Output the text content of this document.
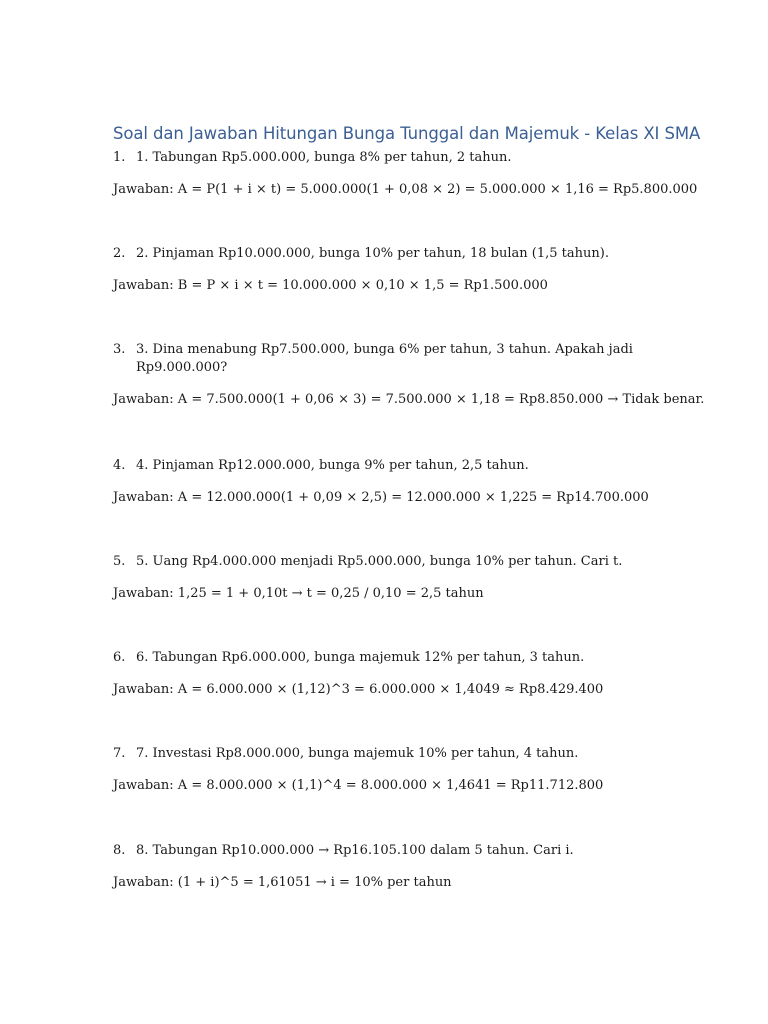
Soal dan Jawaban Hitungan Bunga Tunggal dan Majemuk - Kelas XI SMA

1. 1. Tabungan Rp5.000.000, bunga 8% per tahun, 2 tahun.

Jawaban: A = P(1 + i × t) = 5.000.000(1 + 0,08 × 2) = 5.000.000 × 1,16 = Rp5.800.000

2. 2. Pinjaman Rp10.000.000, bunga 10% per tahun, 18 bulan (1,5 tahun).

Jawaban: B = P × i × t = 10.000.000 × 0,10 × 1,5 = Rp1.500.000

3. 3. Dina menabung Rp7.500.000, bunga 6% per tahun, 3 tahun. Apakah jadi Rp9.000.000?

Jawaban: A = 7.500.000(1 + 0,06 × 3) = 7.500.000 × 1,18 = Rp8.850.000 → Tidak benar.

4. 4. Pinjaman Rp12.000.000, bunga 9% per tahun, 2,5 tahun.

Jawaban: A = 12.000.000(1 + 0,09 × 2,5) = 12.000.000 × 1,225 = Rp14.700.000

5. 5. Uang Rp4.000.000 menjadi Rp5.000.000, bunga 10% per tahun. Cari t.

Jawaban: 1,25 = 1 + 0,10t → t = 0,25 / 0,10 = 2,5 tahun

6. 6. Tabungan Rp6.000.000, bunga majemuk 12% per tahun, 3 tahun.

Jawaban: A = 6.000.000 × (1,12)^3 = 6.000.000 × 1,4049 ≈ Rp8.429.400

7. 7. Investasi Rp8.000.000, bunga majemuk 10% per tahun, 4 tahun.

Jawaban: A = 8.000.000 × (1,1)^4 = 8.000.000 × 1,4641 = Rp11.712.800

8. 8. Tabungan Rp10.000.000 → Rp16.105.100 dalam 5 tahun. Cari i.

Jawaban: (1 + i)^5 = 1,61051 → i = 10% per tahun
